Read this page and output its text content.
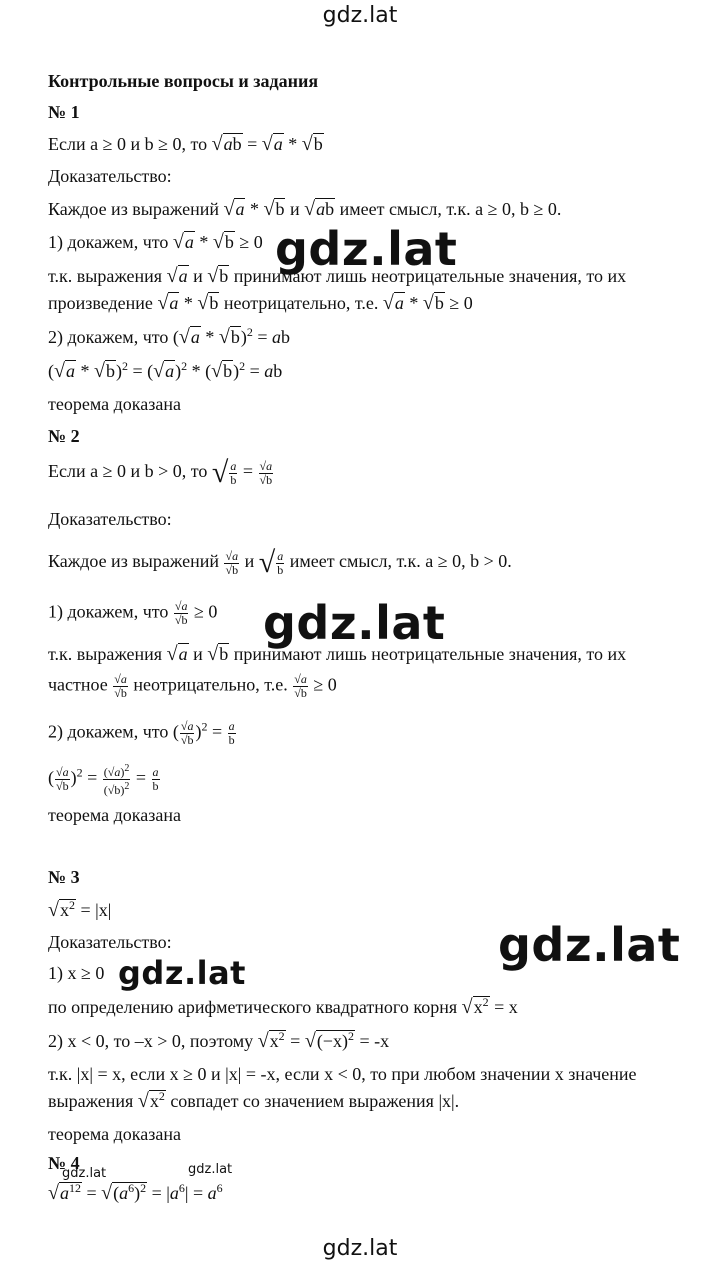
gdz.lat
Контрольные вопросы и задания
№ 1
Если a ≥ 0 и b ≥ 0, то √ab = √a * √b
Доказательство:
Каждое из выражений √a * √b и √ab имеет смысл, т.к. a ≥ 0, b ≥ 0.
1) докажем, что √a * √b ≥ 0
т.к. выражения √a и √b принимают лишь неотрицательные значения, то их
произведение √a * √b неотрицательно, т.е. √a * √b ≥ 0
2) докажем, что (√a * √b)$^2$ = ab
$(√a * √b)^2 = (√a)^2 * (√b)^2$ = ab
теорема доказана
№ 2
Если a ≥ 0 и b > 0, то √ $\frac{a}{b} = \frac{√a}{√b}$
Доказательство:
Каждое из выражений $\frac{√a}{√b}$ и √ $\frac{a}{b}$ имеет смысл, т.к. a ≥ 0, b > 0.
1) докажем, что $\frac{√a}{√b} \ge 0$
т.к. выражения √a и √b принимают лишь неотрицательные значения, то их
частное $\frac{√a}{√b}$ неотрицательно, т.е. $\frac{√a}{√b} \ge 0$
2) докажем, что ( $\frac{√a}{√b} )^2 = \frac{a}{b}$
( $\frac{√a}{√b} )^2 = \frac{(√a)^2}{(√b)^2} = \frac{a}{b}$
теорема доказана
№ 3
$√x^2 = |x|$
Доказательство:
1) x ≥ 0
по определению арифметического квадратного корня $√x^2 = x$
2) x < 0, то –x > 0, поэтому $√x^2 = √(-x)^2 = -x$
т.к. |x| = x, если x ≥ 0 и |x| = -x, если x < 0, то при любом значении x значение
выражения $√x^2$ совпадет со значением выражения |x|.
теорема доказана
№ 4
$√a^{12} = √(a^6)^2 = |a^6| = a^6$
gdz.lat
gdz.lat
gdz.lat
gdz.lat
gdz.lat	gdz.lat
gdz.lat
